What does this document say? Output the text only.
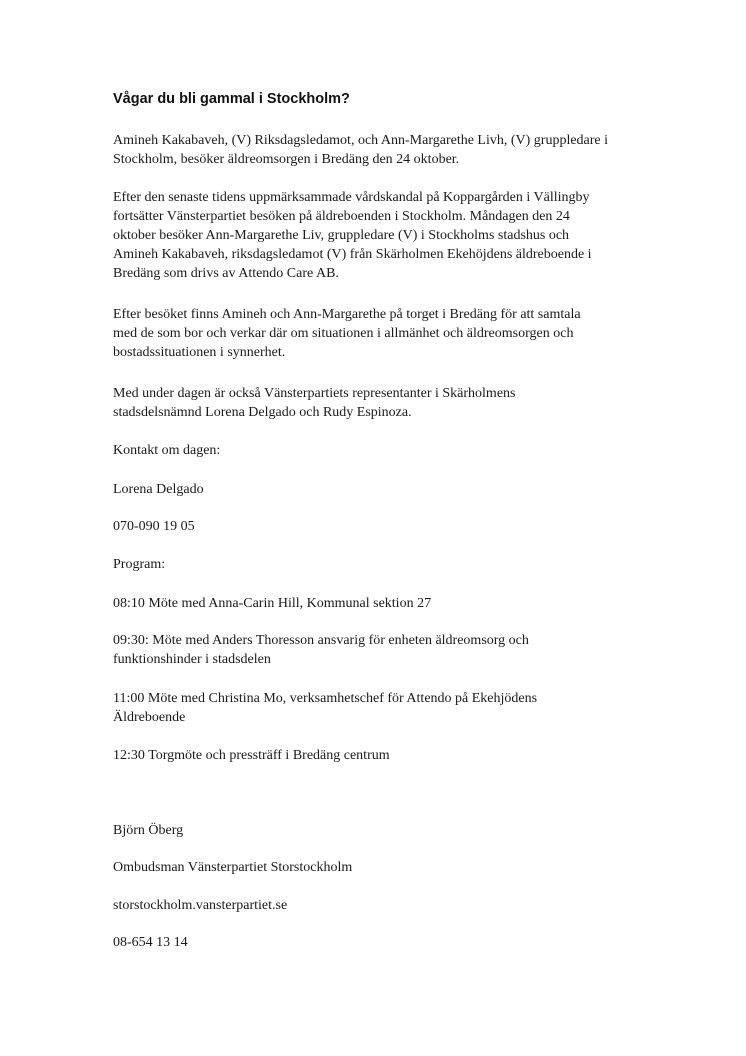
Vågar du bli gammal i Stockholm?

Amineh Kakabaveh, (V) Riksdagsledamot, och Ann-Margarethe Livh, (V) gruppledare i
Stockholm, besöker äldreomsorgen i Bredäng den 24 oktober.

Efter den senaste tidens uppmärksammade vårdskandal på Koppargården i Vällingby
fortsätter Vänsterpartiet besöken på äldreboenden i Stockholm. Måndagen den 24
oktober besöker Ann-Margarethe Liv, gruppledare (V) i Stockholms stadshus och
Amineh Kakabaveh, riksdagsledamot (V) från Skärholmen Ekehöjdens äldreboende i
Bredäng som drivs av Attendo Care AB.

Efter besöket finns Amineh och Ann-Margarethe på torget i Bredäng för att samtala
med de som bor och verkar där om situationen i allmänhet och äldreomsorgen och
bostadssituationen i synnerhet.

Med under dagen är också Vänsterpartiets representanter i Skärholmens
stadsdelsnämnd Lorena Delgado och Rudy Espinoza.

Kontakt om dagen:

Lorena Delgado

070-090 19 05

Program:

08:10 Möte med Anna-Carin Hill, Kommunal sektion 27

09:30: Möte med Anders Thoresson ansvarig för enheten äldreomsorg och
funktionshinder i stadsdelen

11:00 Möte med Christina Mo, verksamhetschef för Attendo på Ekehjödens
Äldreboende

12:30 Torgmöte och pressträff i Bredäng centrum

Björn Öberg

Ombudsman Vänsterpartiet Storstockholm

storstockholm.vansterpartiet.se

08-654 13 14
